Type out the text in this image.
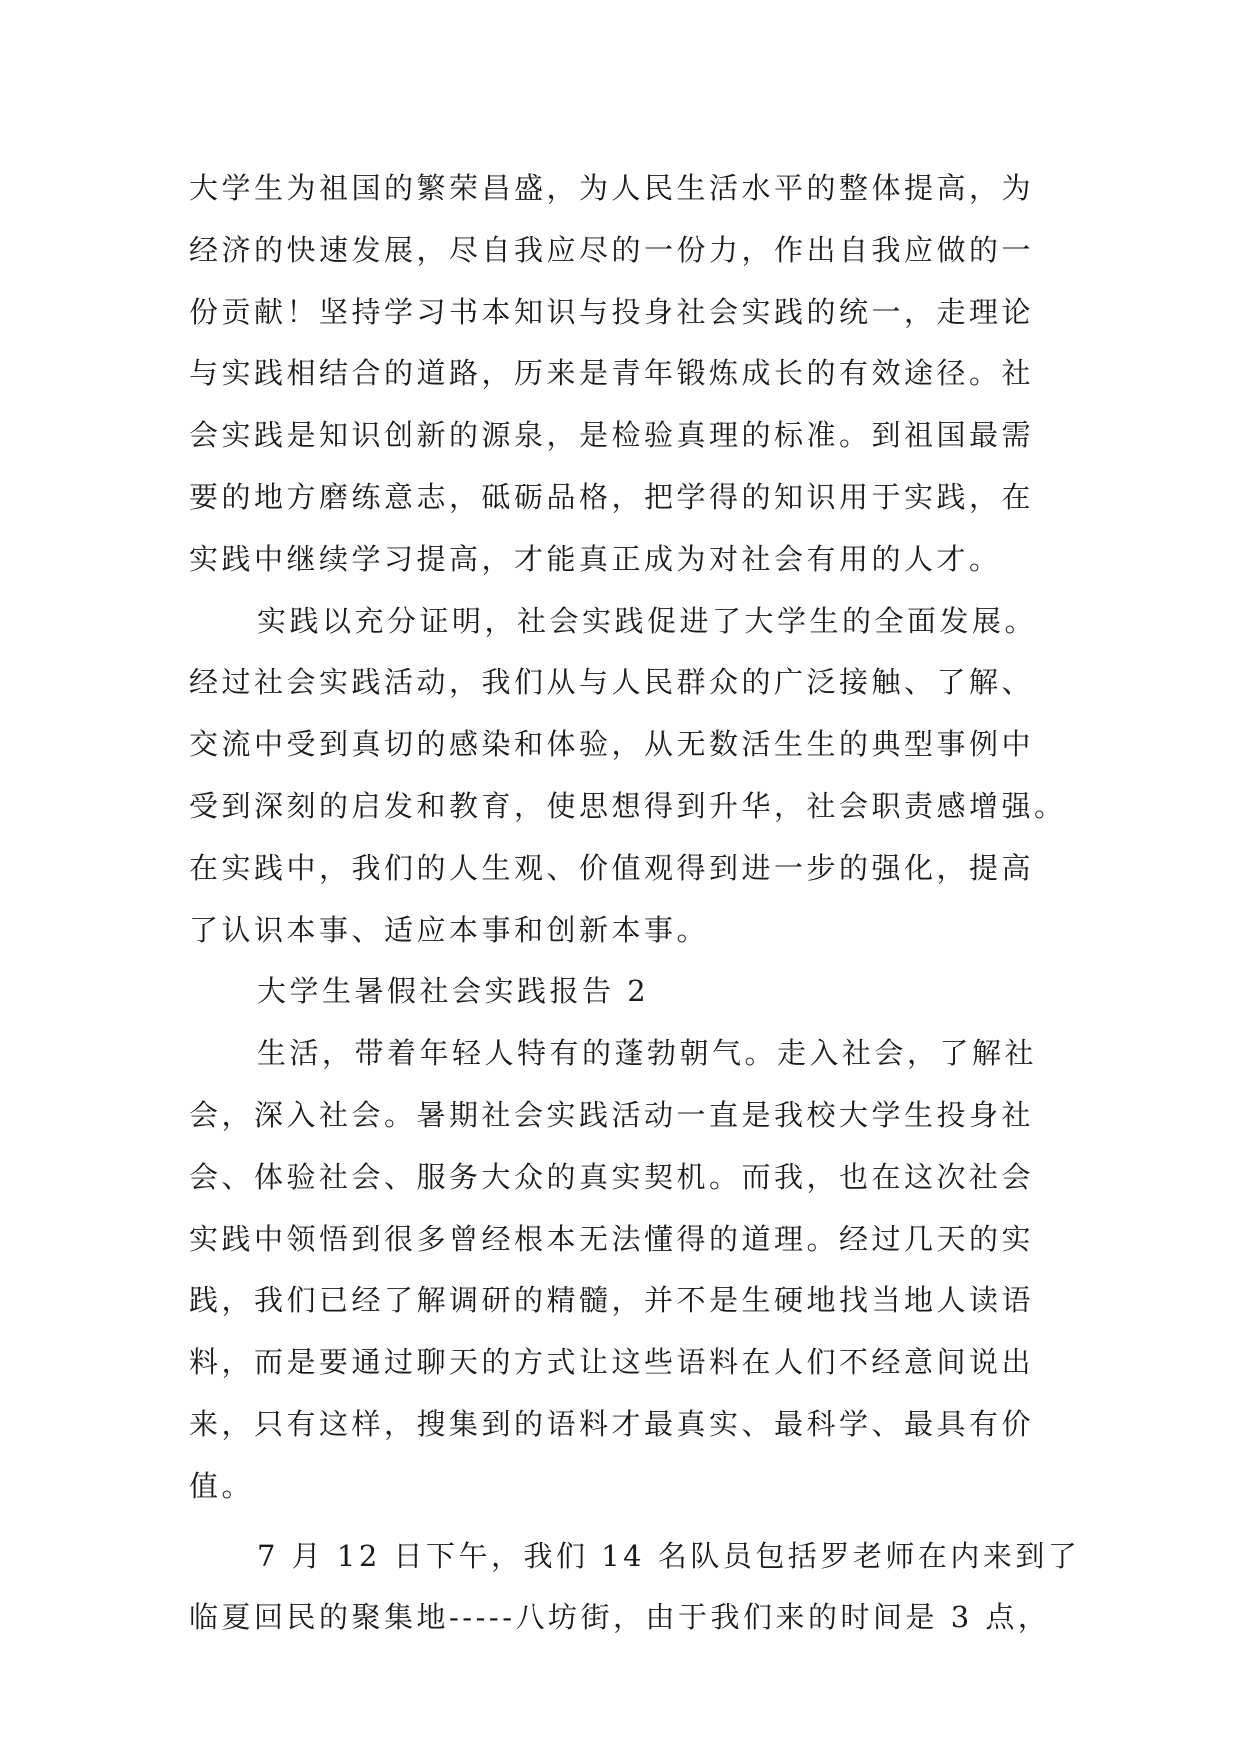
大学生为祖国的繁荣昌盛，为人民生活水平的整体提高，为
经济的快速发展，尽自我应尽的一份力，作出自我应做的一
份贡献！坚持学习书本知识与投身社会实践的统一，走理论
与实践相结合的道路，历来是青年锻炼成长的有效途径。社
会实践是知识创新的源泉，是检验真理的标准。到祖国最需
要的地方磨练意志，砥砺品格，把学得的知识用于实践，在
实践中继续学习提高，才能真正成为对社会有用的人才。
实践以充分证明，社会实践促进了大学生的全面发展。
经过社会实践活动，我们从与人民群众的广泛接触、了解、
交流中受到真切的感染和体验，从无数活生生的典型事例中
受到深刻的启发和教育，使思想得到升华，社会职责感增强。
在实践中，我们的人生观、价值观得到进一步的强化，提高
了认识本事、适应本事和创新本事。
大学生暑假社会实践报告 2
生活，带着年轻人特有的蓬勃朝气。走入社会，了解社
会，深入社会。暑期社会实践活动一直是我校大学生投身社
会、体验社会、服务大众的真实契机。而我，也在这次社会
实践中领悟到很多曾经根本无法懂得的道理。经过几天的实
践，我们已经了解调研的精髓，并不是生硬地找当地人读语
料，而是要通过聊天的方式让这些语料在人们不经意间说出
来，只有这样，搜集到的语料才最真实、最科学、最具有价
值。
7 月 12 日下午，我们 14 名队员包括罗老师在内来到了
临夏回民的聚集地-----八坊街，由于我们来的时间是 3 点，
